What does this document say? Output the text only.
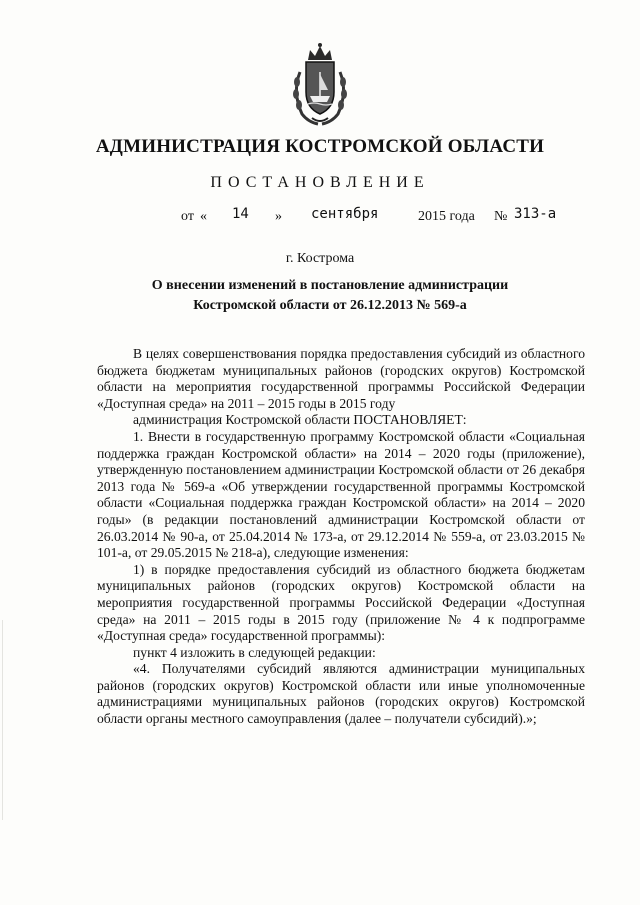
АДМИНИСТРАЦИЯ КОСТРОМСКОЙ ОБЛАСТИ
ПОСТАНОВЛЕНИЕ
от « 14 » сентября	2015 года № 313-а
г. Кострома
О внесении изменений в постановление администрации
Костромской области от 26.12.2013 № 569-а

В целях совершенствования порядка предоставления субсидий из областного бюджета бюджетам муниципальных районов (городских округов) Костромской области на мероприятия государственной программы Российской Федерации «Доступная среда» на 2011 – 2015 годы в 2015 году

администрация Костромской области ПОСТАНОВЛЯЕТ:

1. Внести в государственную программу Костромской области «Социальная поддержка граждан Костромской области» на 2014 – 2020 годы (приложение), утвержденную постановлением администрации Костромской области от 26 декабря 2013 года № 569-а «Об утверждении государственной программы Костромской области «Социальная поддержка граждан Костромской области» на 2014 – 2020 годы» (в редакции постановлений администрации Костромской области от 26.03.2014 № 90-а, от 25.04.2014 № 173-а, от 29.12.2014 № 559-а, от 23.03.2015 № 101-а, от 29.05.2015 № 218-а), следующие изменения:

1) в порядке предоставления субсидий из областного бюджета бюджетам муниципальных районов (городских округов) Костромской области на мероприятия государственной программы Российской Федерации «Доступная среда» на 2011 – 2015 годы в 2015 году (приложение № 4 к подпрограмме «Доступная среда» государственной программы):

пункт 4 изложить в следующей редакции:

«4. Получателями субсидий являются администрации муниципальных районов (городских округов) Костромской области или иные уполномоченные администрациями муниципальных районов (городских округов) Костромской области органы местного самоуправления (далее – получатели субсидий).»;
